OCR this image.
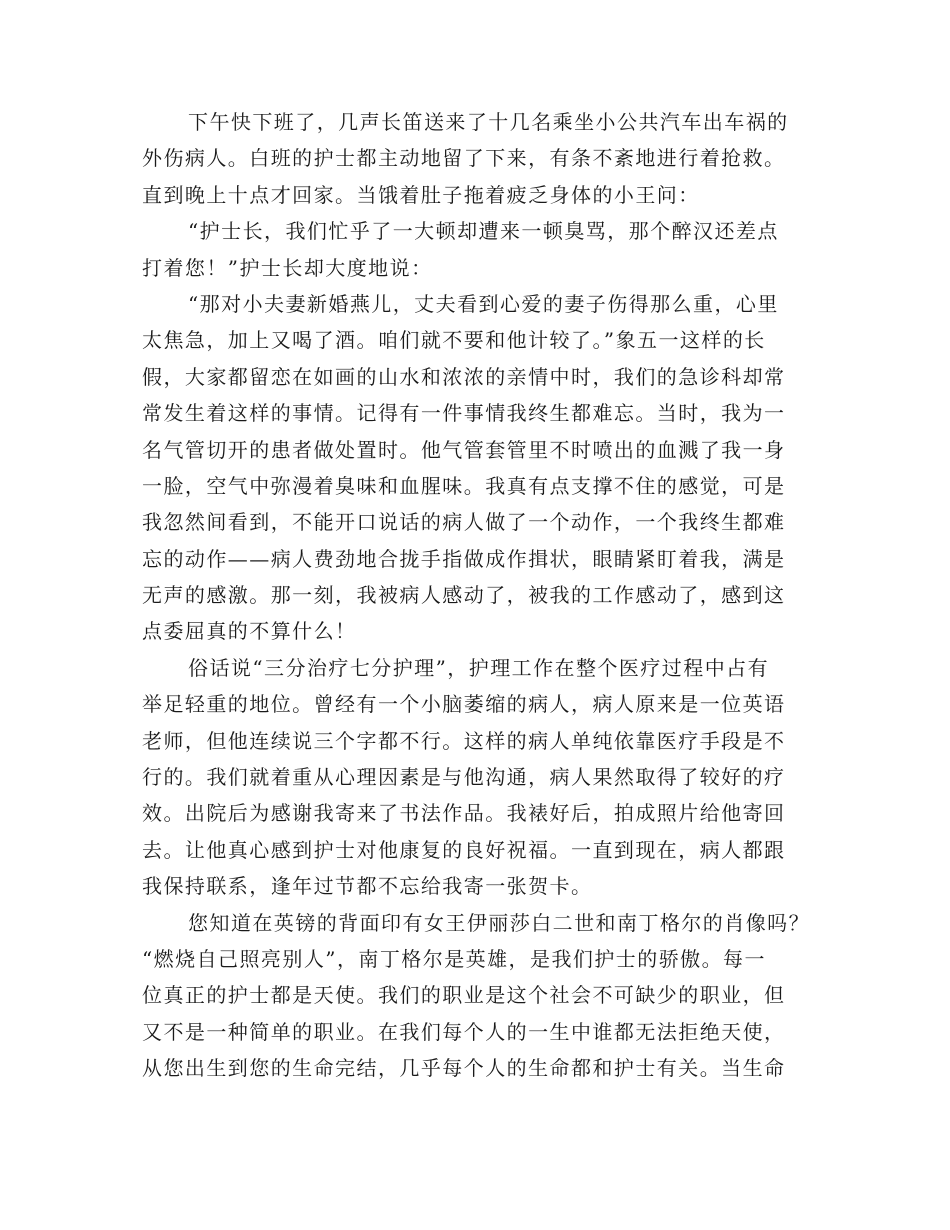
下午快下班了，几声长笛送来了十几名乘坐小公共汽车出车祸的
外伤病人。白班的护士都主动地留了下来，有条不紊地进行着抢救。
直到晚上十点才回家。当饿着肚子拖着疲乏身体的小王问：
“护士长，我们忙乎了一大顿却遭来一顿臭骂，那个醉汉还差点
打着您！”护士长却大度地说：
“那对小夫妻新婚燕儿，丈夫看到心爱的妻子伤得那么重，心里
太焦急，加上又喝了酒。咱们就不要和他计较了。”象五一这样的长
假，大家都留恋在如画的山水和浓浓的亲情中时，我们的急诊科却常
常发生着这样的事情。记得有一件事情我终生都难忘。当时，我为一
名气管切开的患者做处置时。他气管套管里不时喷出的血溅了我一身
一脸，空气中弥漫着臭味和血腥味。我真有点支撑不住的感觉，可是
我忽然间看到，不能开口说话的病人做了一个动作，一个我终生都难
忘的动作——病人费劲地合拢手指做成作揖状，眼睛紧盯着我，满是
无声的感激。那一刻，我被病人感动了，被我的工作感动了，感到这
点委屈真的不算什么！
俗话说“三分治疗七分护理”，护理工作在整个医疗过程中占有
举足轻重的地位。曾经有一个小脑萎缩的病人，病人原来是一位英语
老师，但他连续说三个字都不行。这样的病人单纯依靠医疗手段是不
行的。我们就着重从心理因素是与他沟通，病人果然取得了较好的疗
效。出院后为感谢我寄来了书法作品。我裱好后，拍成照片给他寄回
去。让他真心感到护士对他康复的良好祝福。一直到现在，病人都跟
我保持联系，逢年过节都不忘给我寄一张贺卡。
您知道在英镑的背面印有女王伊丽莎白二世和南丁格尔的肖像吗？
“燃烧自己照亮别人”，南丁格尔是英雄，是我们护士的骄傲。每一
位真正的护士都是天使。我们的职业是这个社会不可缺少的职业，但
又不是一种简单的职业。在我们每个人的一生中谁都无法拒绝天使，
从您出生到您的生命完结，几乎每个人的生命都和护士有关。当生命
